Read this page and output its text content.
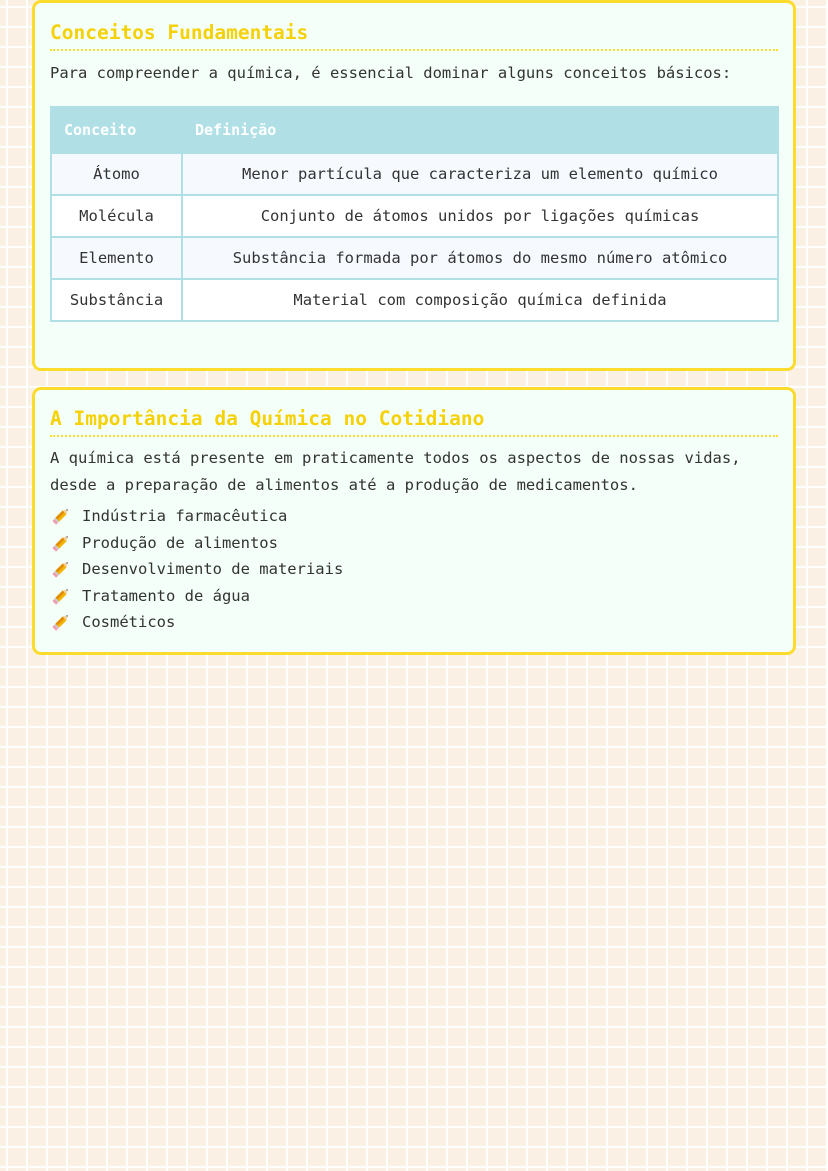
Conceitos Fundamentais

Para compreender a química, é essencial dominar alguns conceitos básicos:

Conceito	Definição
Átomo	Menor partícula que caracteriza um elemento químico
Molécula	Conjunto de átomos unidos por ligações químicas
Elemento	Substância formada por átomos do mesmo número atômico
Substância	Material com composição química definida
A Importância da Química no Cotidiano

A química está presente em praticamente todos os aspectos de nossas vidas, desde a preparação de alimentos até a produção de medicamentos.

Indústria farmacêutica
Produção de alimentos
Desenvolvimento de materiais
Tratamento de água
Cosméticos
